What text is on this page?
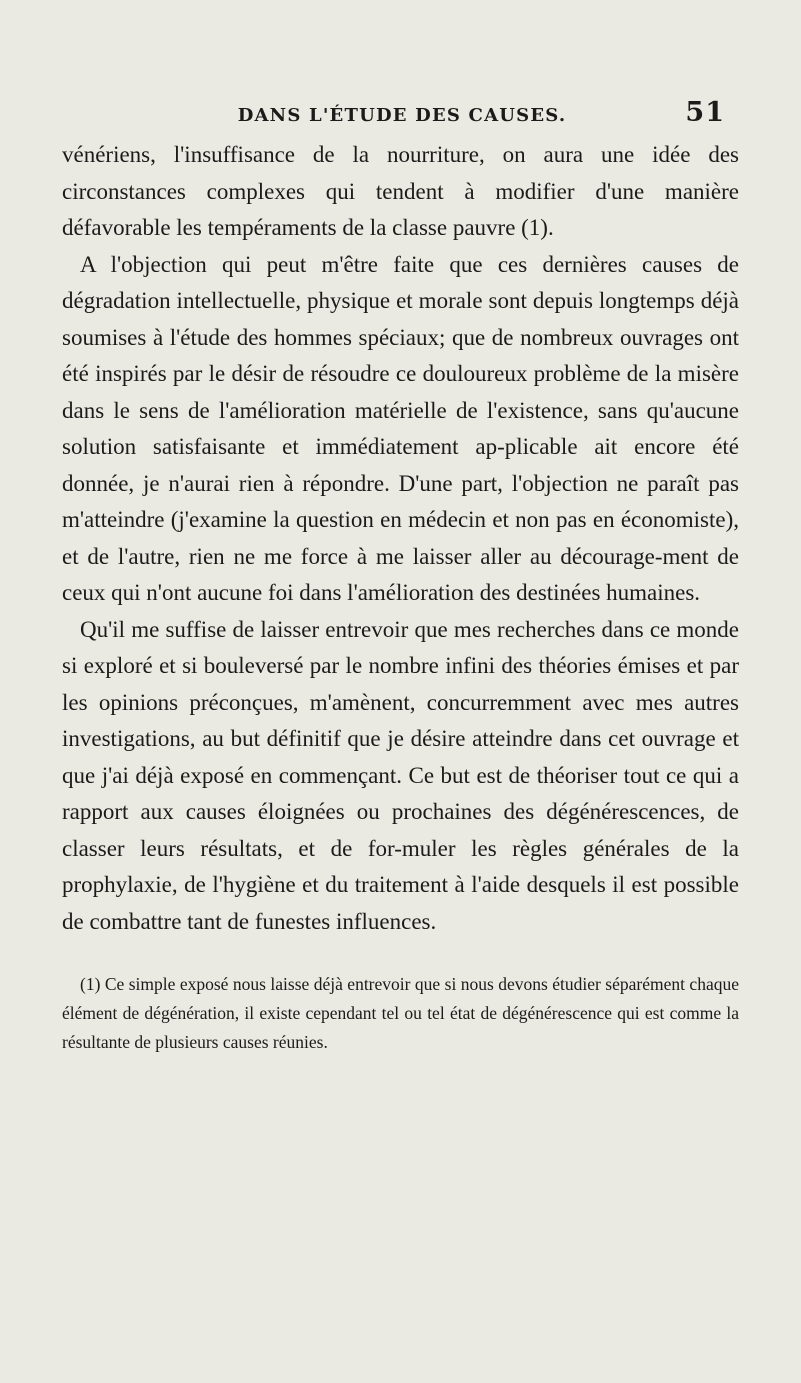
DANS L'ÉTUDE DES CAUSES.	51

vénériens, l'insuffisance de la nourriture, on aura une idée des circonstances complexes qui tendent à modifier d'une manière défavorable les tempéraments de la classe pauvre (1).

A l'objection qui peut m'être faite que ces dernières causes de dégradation intellectuelle, physique et morale sont depuis longtemps déjà soumises à l'étude des hommes spéciaux; que de nombreux ouvrages ont été inspirés par le désir de résoudre ce douloureux problème de la misère dans le sens de l'amélioration matérielle de l'existence, sans qu'aucune solution satisfaisante et immédiatement ap-plicable ait encore été donnée, je n'aurai rien à répondre. D'une part, l'objection ne paraît pas m'atteindre (j'examine la question en médecin et non pas en économiste), et de l'autre, rien ne me force à me laisser aller au décourage-ment de ceux qui n'ont aucune foi dans l'amélioration des destinées humaines.

Qu'il me suffise de laisser entrevoir que mes recherches dans ce monde si exploré et si bouleversé par le nombre infini des théories émises et par les opinions préconçues, m'amènent, concurremment avec mes autres investigations, au but définitif que je désire atteindre dans cet ouvrage et que j'ai déjà exposé en commençant. Ce but est de théoriser tout ce qui a rapport aux causes éloignées ou prochaines des dégénérescences, de classer leurs résultats, et de for-muler les règles générales de la prophylaxie, de l'hygiène et du traitement à l'aide desquels il est possible de combattre tant de funestes influences.

(1) Ce simple exposé nous laisse déjà entrevoir que si nous devons étudier séparément chaque élément de dégénération, il existe cependant tel ou tel état de dégénérescence qui est comme la résultante de plusieurs causes réunies.
